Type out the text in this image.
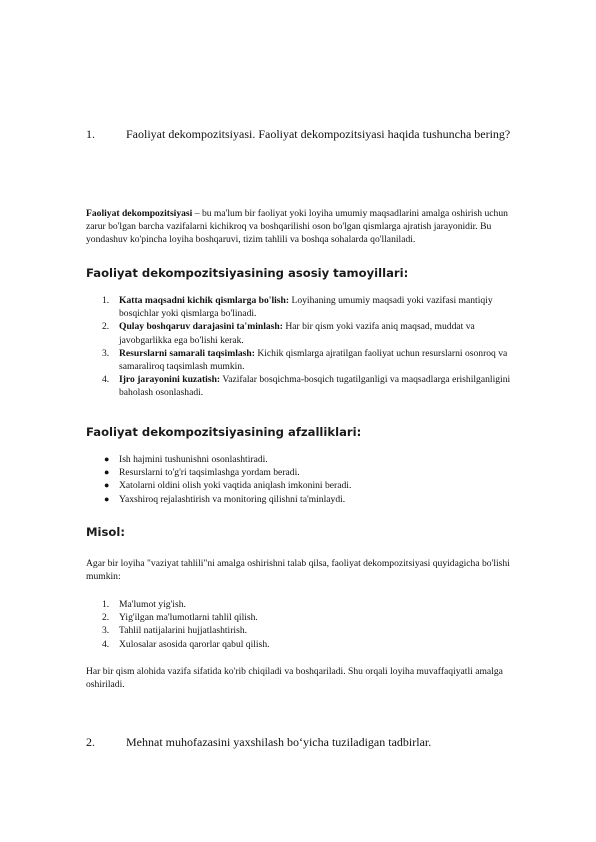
1.	Faoliyat dekompozitsiyasi. Faoliyat dekompozitsiyasi haqida tushuncha bering?
Faoliyat dekompozitsiyasi – bu ma'lum bir faoliyat yoki loyiha umumiy maqsadlarini amalga oshirish uchun zarur bo'lgan barcha vazifalarni kichikroq va boshqarilishi oson bo'lgan qismlarga ajratish jarayonidir. Bu yondashuv ko'pincha loyiha boshqaruvi, tizim tahlili va boshqa sohalarda qo'llaniladi.
Faoliyat dekompozitsiyasining asosiy tamoyillari:
1. Katta maqsadni kichik qismlarga bo'lish: Loyihaning umumiy maqsadi yoki vazifasi mantiqiy bosqichlar yoki qismlarga bo'linadi.
2. Qulay boshqaruv darajasini ta'minlash: Har bir qism yoki vazifa aniq maqsad, muddat va javobgarlikka ega bo'lishi kerak.
3. Resurslarni samarali taqsimlash: Kichik qismlarga ajratilgan faoliyat uchun resurslarni osonroq va samaraliroq taqsimlash mumkin.
4. Ijro jarayonini kuzatish: Vazifalar bosqichma-bosqich tugatilganligi va maqsadlarga erishilganligini baholash osonlashadi.
Faoliyat dekompozitsiyasining afzalliklari:
● Ish hajmini tushunishni osonlashtiradi.
● Resurslarni to'g'ri taqsimlashga yordam beradi.
● Xatolarni oldini olish yoki vaqtida aniqlash imkonini beradi.
● Yaxshiroq rejalashtirish va monitoring qilishni ta'minlaydi.
Misol:
Agar bir loyiha "vaziyat tahlili"ni amalga oshirishni talab qilsa, faoliyat dekompozitsiyasi quyidagicha bo'lishi mumkin:
1. Ma'lumot yig'ish.
2. Yig'ilgan ma'lumotlarni tahlil qilish.
3. Tahlil natijalarini hujjatlashtirish.
4. Xulosalar asosida qarorlar qabul qilish.
Har bir qism alohida vazifa sifatida ko'rib chiqiladi va boshqariladi. Shu orqali loyiha muvaffaqiyatli amalga oshiriladi.
2.	Mehnat muhofazasini yaxshilash bo‘yicha tuziladigan tadbirlar.
